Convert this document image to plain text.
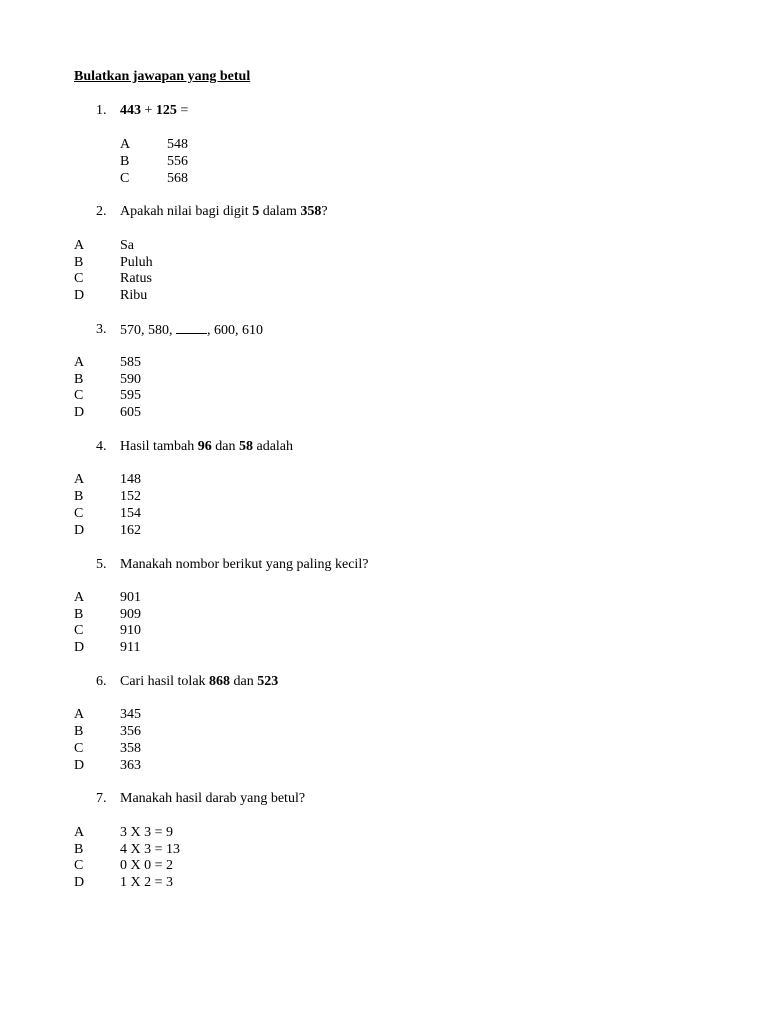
Bulatkan jawapan yang betul
1. 443 + 125 =
A	548
B	556
C	568
2. Apakah nilai bagi digit 5 dalam 358?
A	Sa
B	Puluh
C	Ratus
D	Ribu
3. 570, 580, , 600, 610
A	585
B	590
C	595
D	605
4. Hasil tambah 96 dan 58 adalah
A	148
B	152
C	154
D	162
5. Manakah nombor berikut yang paling kecil?
A	901
B	909
C	910
D	911
6. Cari hasil tolak 868 dan 523
A	345
B	356
C	358
D	363
7. Manakah hasil darab yang betul?
A	3 X 3 = 9
B	4 X 3 = 13
C	0 X 0 = 2
D	1 X 2 = 3
